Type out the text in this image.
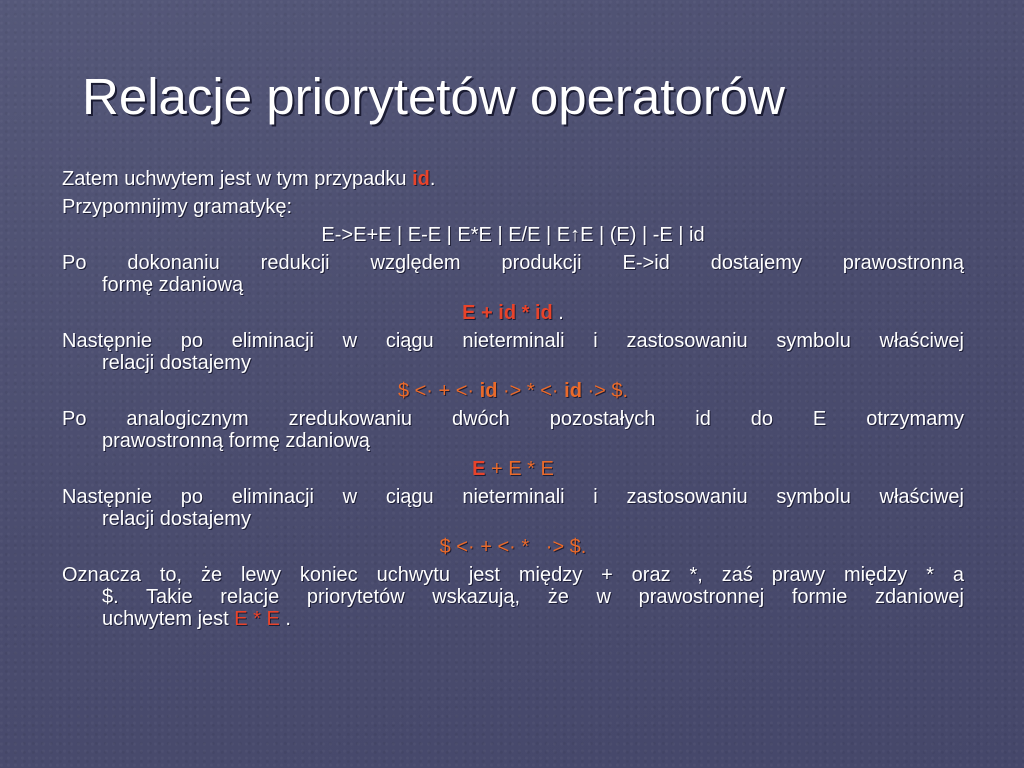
Relacje priorytetów operatorów
Zatem uchwytem jest w tym przypadku id.
Przypomnijmy gramatykę:
E->E+E | E-E | E*E | E/E | E↑E | (E) | -E | id
Po dokonaniu redukcji względem produkcji E->id dostajemy prawostronną
formę zdaniową
E + id * id .
Następnie po eliminacji w ciągu nieterminali i zastosowaniu symbolu właściwej
relacji dostajemy
$ <· + <· id ·> * <· id ·> $.
Po analogicznym zredukowaniu dwóch pozostałych id do E otrzymamy
prawostronną formę zdaniową
E + E * E
Następnie po eliminacji w ciągu nieterminali i zastosowaniu symbolu właściwej
relacji dostajemy
$ <· + <· *   ·> $.
Oznacza to, że lewy koniec uchwytu jest między + oraz *, zaś prawy między * a
$. Takie relacje priorytetów wskazują, że w prawostronnej formie zdaniowej
uchwytem jest E * E .
